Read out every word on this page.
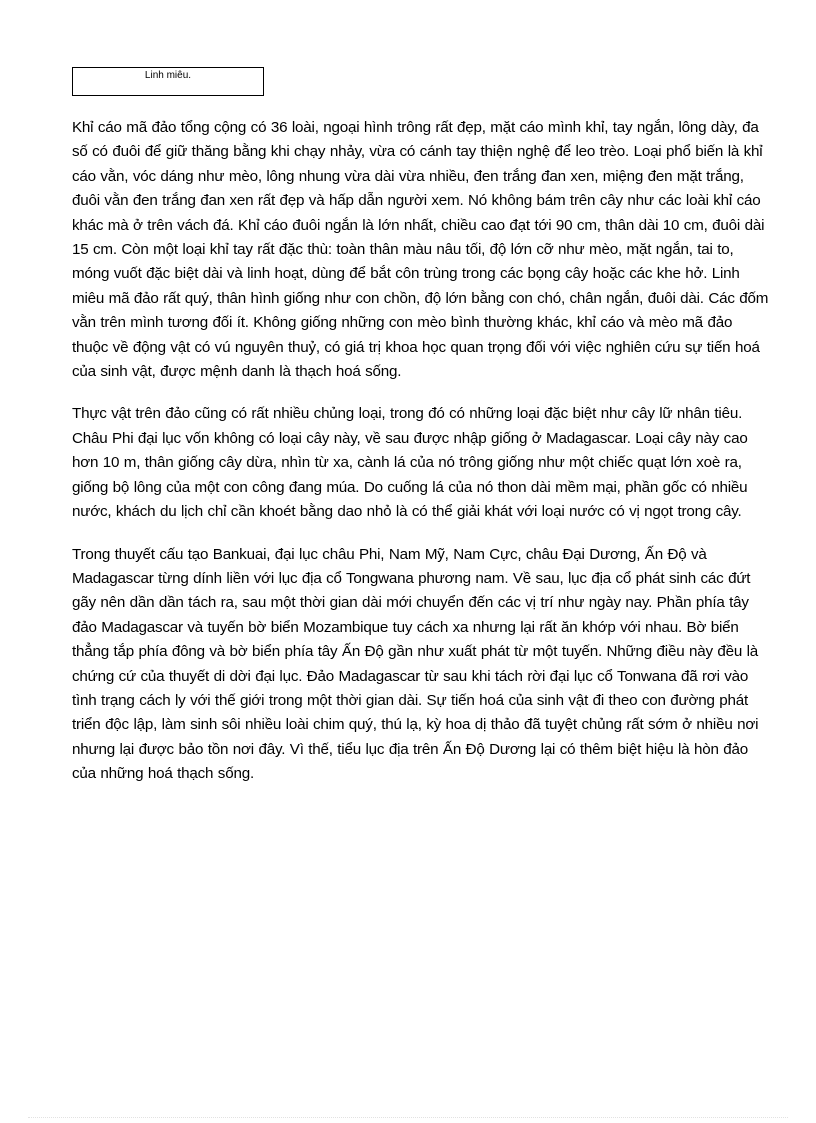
Linh miêu.

Khỉ cáo mã đảo tổng cộng có 36 loài, ngoại hình trông rất đẹp, mặt cáo mình khỉ, tay ngắn, lông dày, đa số có đuôi để giữ thăng bằng khi chạy nhảy, vừa có cánh tay thiện nghệ để leo trèo. Loại phổ biến là khỉ cáo vằn, vóc dáng như mèo, lông nhung vừa dài vừa nhiều, đen trắng đan xen, miệng đen mặt trắng, đuôi vằn đen trắng đan xen rất đẹp và hấp dẫn người xem. Nó không bám trên cây như các loài khỉ cáo khác mà ở trên vách đá. Khỉ cáo đuôi ngắn là lớn nhất, chiều cao đạt tới 90 cm, thân dài 10 cm, đuôi dài 15 cm. Còn một loại khỉ tay rất đặc thù: toàn thân màu nâu tối, độ lớn cỡ như mèo, mặt ngắn, tai to, móng vuốt đặc biệt dài và linh hoạt, dùng để bắt côn trùng trong các bọng cây hoặc các khe hở. Linh miêu mã đảo rất quý, thân hình giống như con chồn, độ lớn bằng con chó, chân ngắn, đuôi dài. Các đốm vằn trên mình tương đối ít. Không giống những con mèo bình thường khác, khỉ cáo và mèo mã đảo thuộc về động vật có vú nguyên thuỷ, có giá trị khoa học quan trọng đối với việc nghiên cứu sự tiến hoá của sinh vật, được mệnh danh là thạch hoá sống.

Thực vật trên đảo cũng có rất nhiều chủng loại, trong đó có những loại đặc biệt như cây lữ nhân tiêu. Châu Phi đại lục vốn không có loại cây này, về sau được nhập giống ở Madagascar. Loại cây này cao hơn 10 m, thân giống cây dừa, nhìn từ xa, cành lá của nó trông giống như một chiếc quạt lớn xoè ra, giống bộ lông của một con công đang múa. Do cuống lá của nó thon dài mềm mại, phần gốc có nhiều nước, khách du lịch chỉ cần khoét bằng dao nhỏ là có thể giải khát với loại nước có vị ngọt trong cây.

Trong thuyết cấu tạo Bankuai, đại lục châu Phi, Nam Mỹ, Nam Cực, châu Đại Dương, Ấn Độ và Madagascar từng dính liền với lục địa cổ Tongwana phương nam. Về sau, lục địa cổ phát sinh các đứt gãy nên dần dần tách ra, sau một thời gian dài mới chuyển đến các vị trí như ngày nay. Phần phía tây đảo Madagascar và tuyến bờ biển Mozambique tuy cách xa nhưng lại rất ăn khớp với nhau. Bờ biển thẳng tắp phía đông và bờ biển phía tây Ấn Độ gần như xuất phát từ một tuyến. Những điều này đều là chứng cứ của thuyết di dời đại lục. Đảo Madagascar từ sau khi tách rời đại lục cổ Tonwana đã rơi vào tình trạng cách ly với thế giới trong một thời gian dài. Sự tiến hoá của sinh vật đi theo con đường phát triển độc lập, làm sinh sôi nhiều loài chim quý, thú lạ, kỳ hoa dị thảo đã tuyệt chủng rất sớm ở nhiều nơi nhưng lại được bảo tồn nơi đây. Vì thế, tiểu lục địa trên Ấn Độ Dương lại có thêm biệt hiệu là hòn đảo của những hoá thạch sống.
